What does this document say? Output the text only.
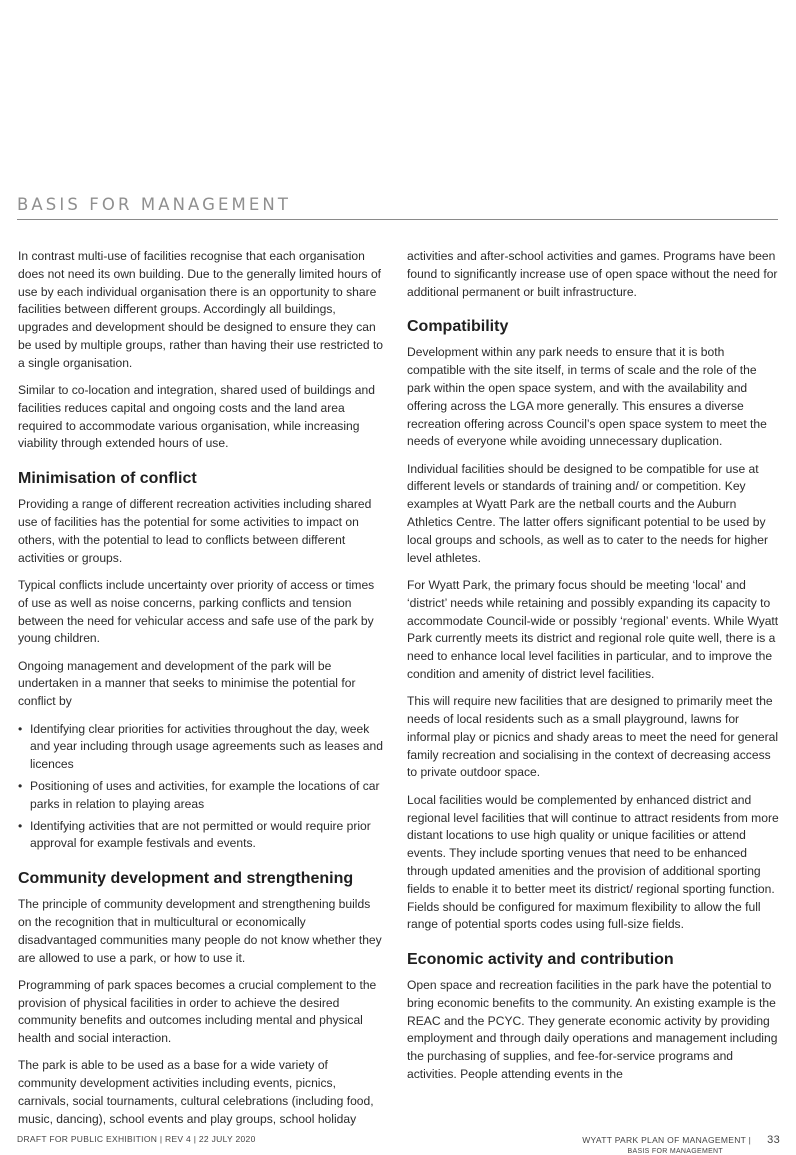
BASIS FOR MANAGEMENT

In contrast multi-use of facilities recognise that each organisation does not need its own building. Due to the generally limited hours of use by each individual organisation there is an opportunity to share facilities between different groups. Accordingly all buildings, upgrades and development should be designed to ensure they can be used by multiple groups, rather than having their use restricted to a single organisation.

Similar to co-location and integration, shared used of buildings and facilities reduces capital and ongoing costs and the land area required to accommodate various organisation, while increasing viability through extended hours of use.

Minimisation of conflict

Providing a range of different recreation activities including shared use of facilities has the potential for some activities to impact on others, with the potential to lead to conflicts between different activities or groups.

Typical conflicts include uncertainty over priority of access or times of use as well as noise concerns, parking conflicts and tension between the need for vehicular access and safe use of the park by young children.

Ongoing management and development of the park will be undertaken in a manner that seeks to minimise the potential for conflict by

• Identifying clear priorities for activities throughout the day, week and year including through usage agreements such as leases and licences
• Positioning of uses and activities, for example the locations of car parks in relation to playing areas
• Identifying activities that are not permitted or would require prior approval for example festivals and events.
Community development and strengthening

The principle of community development and strengthening builds on the recognition that in multicultural or economically disadvantaged communities many people do not know whether they are allowed to use a park, or how to use it.

Programming of park spaces becomes a crucial complement to the provision of physical facilities in order to achieve the desired community benefits and outcomes including mental and physical health and social interaction.

The park is able to be used as a base for a wide variety of community development activities including events, picnics, carnivals, social tournaments, cultural celebrations (including food, music, dancing), school events and play groups, school holiday

activities and after-school activities and games. Programs have been found to significantly increase use of open space without the need for additional permanent or built infrastructure.

Compatibility

Development within any park needs to ensure that it is both compatible with the site itself, in terms of scale and the role of the park within the open space system, and with the availability and offering across the LGA more generally. This ensures a diverse recreation offering across Council’s open space system to meet the needs of everyone while avoiding unnecessary duplication.

Individual facilities should be designed to be compatible for use at different levels or standards of training and/ or competition. Key examples at Wyatt Park are the netball courts and the Auburn Athletics Centre. The latter offers significant potential to be used by local groups and schools, as well as to cater to the needs for higher level athletes.

For Wyatt Park, the primary focus should be meeting ‘local’ and ‘district’ needs while retaining and possibly expanding its capacity to accommodate Council-wide or possibly ‘regional’ events. While Wyatt Park currently meets its district and regional role quite well, there is a need to enhance local level facilities in particular, and to improve the condition and amenity of district level facilities.

This will require new facilities that are designed to primarily meet the needs of local residents such as a small playground, lawns for informal play or picnics and shady areas to meet the need for general family recreation and socialising in the context of decreasing access to private outdoor space.

Local facilities would be complemented by enhanced district and regional level facilities that will continue to attract residents from more distant locations to use high quality or unique facilities or attend events. They include sporting venues that need to be enhanced through updated amenities and the provision of additional sporting fields to enable it to better meet its district/ regional sporting function. Fields should be configured for maximum flexibility to allow the full range of potential sports codes using full-size fields.

Economic activity and contribution

Open space and recreation facilities in the park have the potential to bring economic benefits to the community. An existing example is the REAC and the PCYC. They generate economic activity by providing employment and through daily operations and management including the purchasing of supplies, and fee-for-service programs and activities. People attending events in the

DRAFT FOR PUBLIC EXHIBITION | REV 4 | 22 JULY 2020	WYATT PARK PLAN OF MANAGEMENT | 33
BASIS FOR MANAGEMENT
